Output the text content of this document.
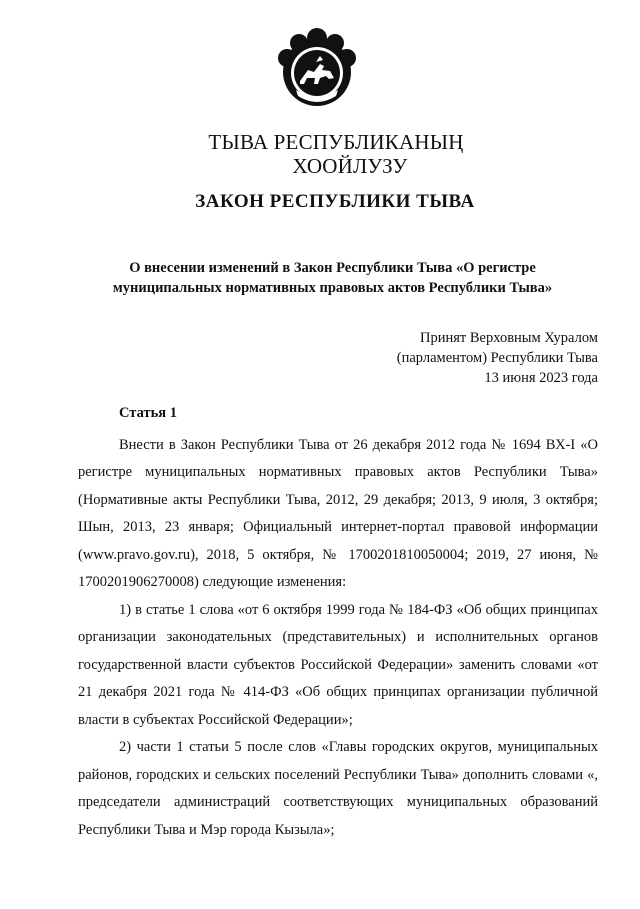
ТЫВА РЕСПУБЛИКАНЫҢ
ХООЙЛУЗУ
ЗАКОН РЕСПУБЛИКИ ТЫВА
О внесении изменений в Закон Республики Тыва «О регистре
муниципальных нормативных правовых актов Республики Тыва»
Принят Верховным Хуралом
(парламентом) Республики Тыва
13 июня 2023 года
Статья 1

Внести в Закон Республики Тыва от 26 декабря 2012 года № 1694 ВХ-I «О регистре муниципальных нормативных правовых актов Республики Тыва» (Нормативные акты Республики Тыва, 2012, 29 декабря; 2013, 9 июля, 3 октября; Шын, 2013, 23 января; Официальный интернет-портал правовой информации (www.pravo.gov.ru), 2018, 5 октября, № 1700201810050004; 2019, 27 июня, № 1700201906270008) следующие изменения:

1) в статье 1 слова «от 6 октября 1999 года № 184-ФЗ «Об общих принципах организации законодательных (представительных) и исполнительных органов государственной власти субъектов Российской Федерации» заменить словами «от 21 декабря 2021 года № 414-ФЗ «Об общих принципах организации публичной власти в субъектах Российской Федерации»;

2) части 1 статьи 5 после слов «Главы городских округов, муниципальных районов, городских и сельских поселений Республики Тыва» дополнить словами «, председатели администраций соответствующих муниципальных образований Республики Тыва и Мэр города Кызыла»;
